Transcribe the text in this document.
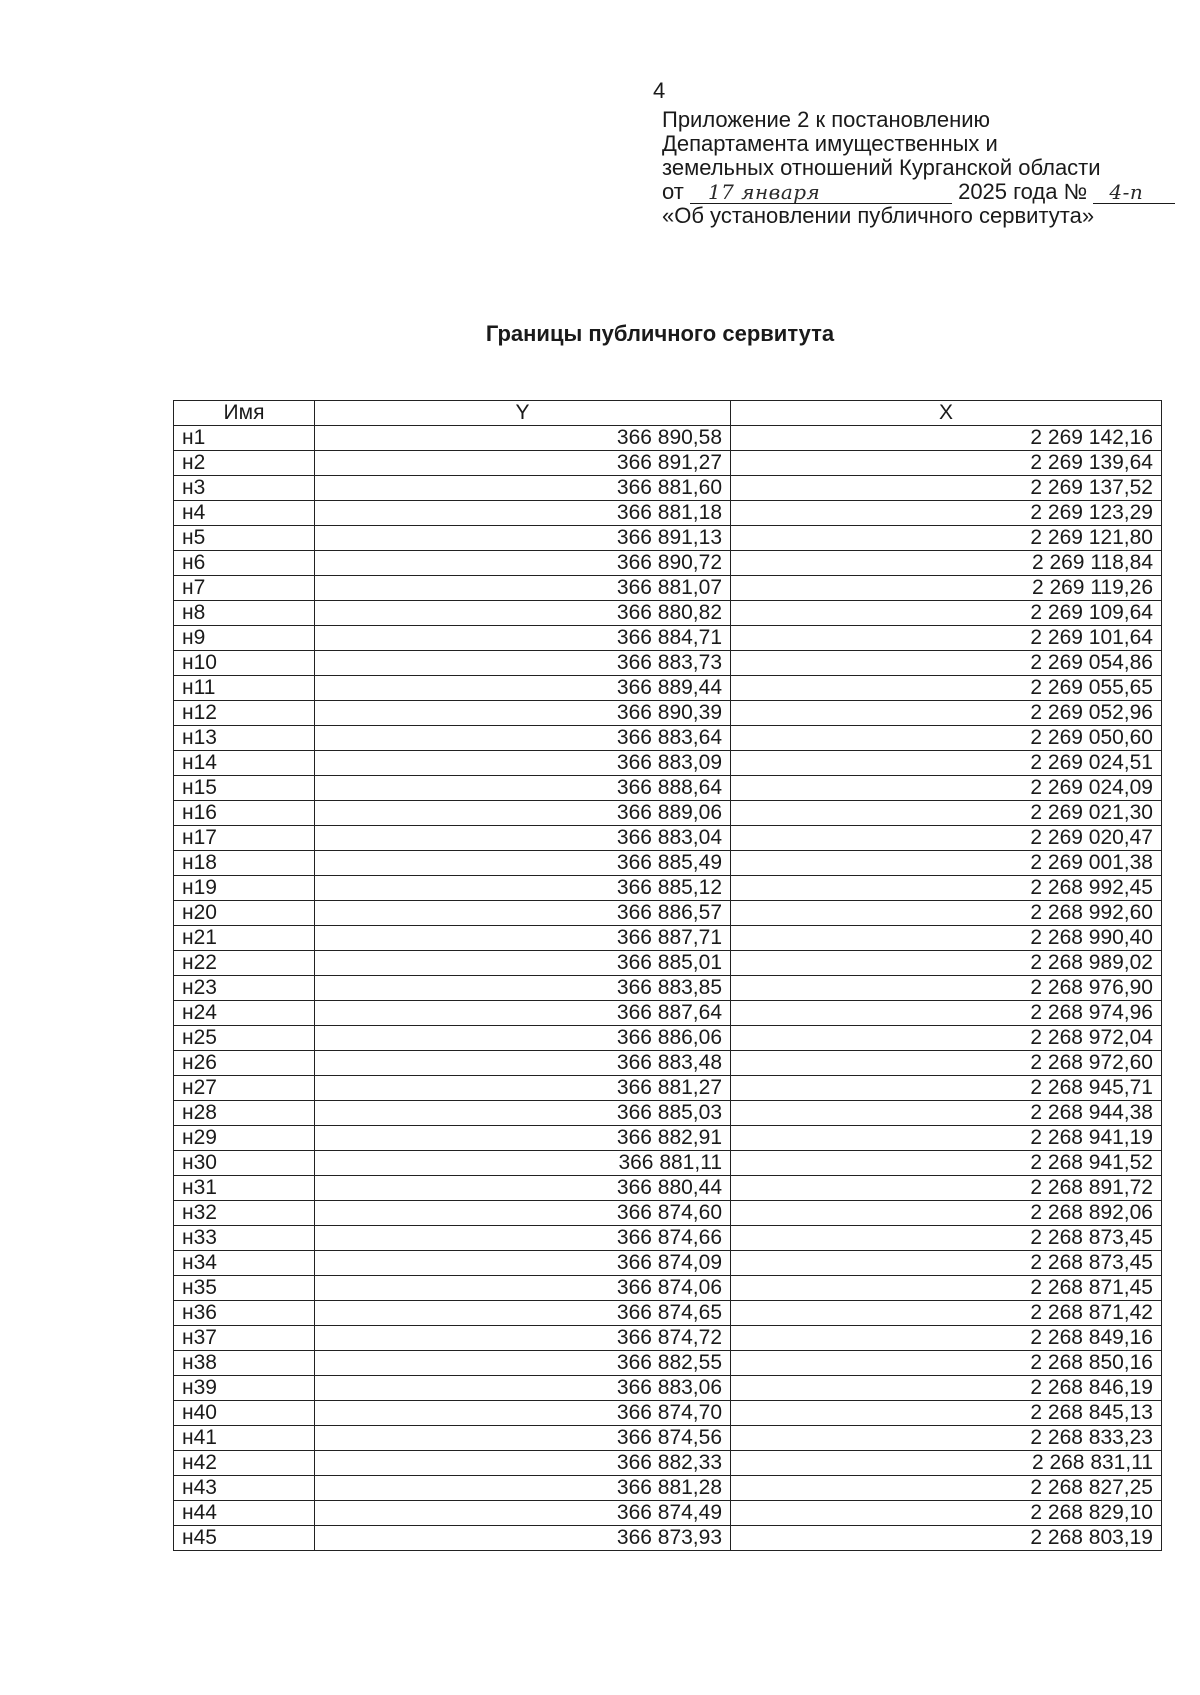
4
Приложение 2 к постановлению
Департамента имущественных и
земельных отношений Курганской области
от 17 января	2025 года № 4-п
«Об установлении публичного сервитута»
Границы публичного сервитута
Имя	Y	X
н1	366 890,58	2 269 142,16
н2	366 891,27	2 269 139,64
н3	366 881,60	2 269 137,52
н4	366 881,18	2 269 123,29
н5	366 891,13	2 269 121,80
н6	366 890,72	2 269 118,84
н7	366 881,07	2 269 119,26
н8	366 880,82	2 269 109,64
н9	366 884,71	2 269 101,64
н10	366 883,73	2 269 054,86
н11	366 889,44	2 269 055,65
н12	366 890,39	2 269 052,96
н13	366 883,64	2 269 050,60
н14	366 883,09	2 269 024,51
н15	366 888,64	2 269 024,09
н16	366 889,06	2 269 021,30
н17	366 883,04	2 269 020,47
н18	366 885,49	2 269 001,38
н19	366 885,12	2 268 992,45
н20	366 886,57	2 268 992,60
н21	366 887,71	2 268 990,40
н22	366 885,01	2 268 989,02
н23	366 883,85	2 268 976,90
н24	366 887,64	2 268 974,96
н25	366 886,06	2 268 972,04
н26	366 883,48	2 268 972,60
н27	366 881,27	2 268 945,71
н28	366 885,03	2 268 944,38
н29	366 882,91	2 268 941,19
н30	366 881,11	2 268 941,52
н31	366 880,44	2 268 891,72
н32	366 874,60	2 268 892,06
н33	366 874,66	2 268 873,45
н34	366 874,09	2 268 873,45
н35	366 874,06	2 268 871,45
н36	366 874,65	2 268 871,42
н37	366 874,72	2 268 849,16
н38	366 882,55	2 268 850,16
н39	366 883,06	2 268 846,19
н40	366 874,70	2 268 845,13
н41	366 874,56	2 268 833,23
н42	366 882,33	2 268 831,11
н43	366 881,28	2 268 827,25
н44	366 874,49	2 268 829,10
н45	366 873,93	2 268 803,19
